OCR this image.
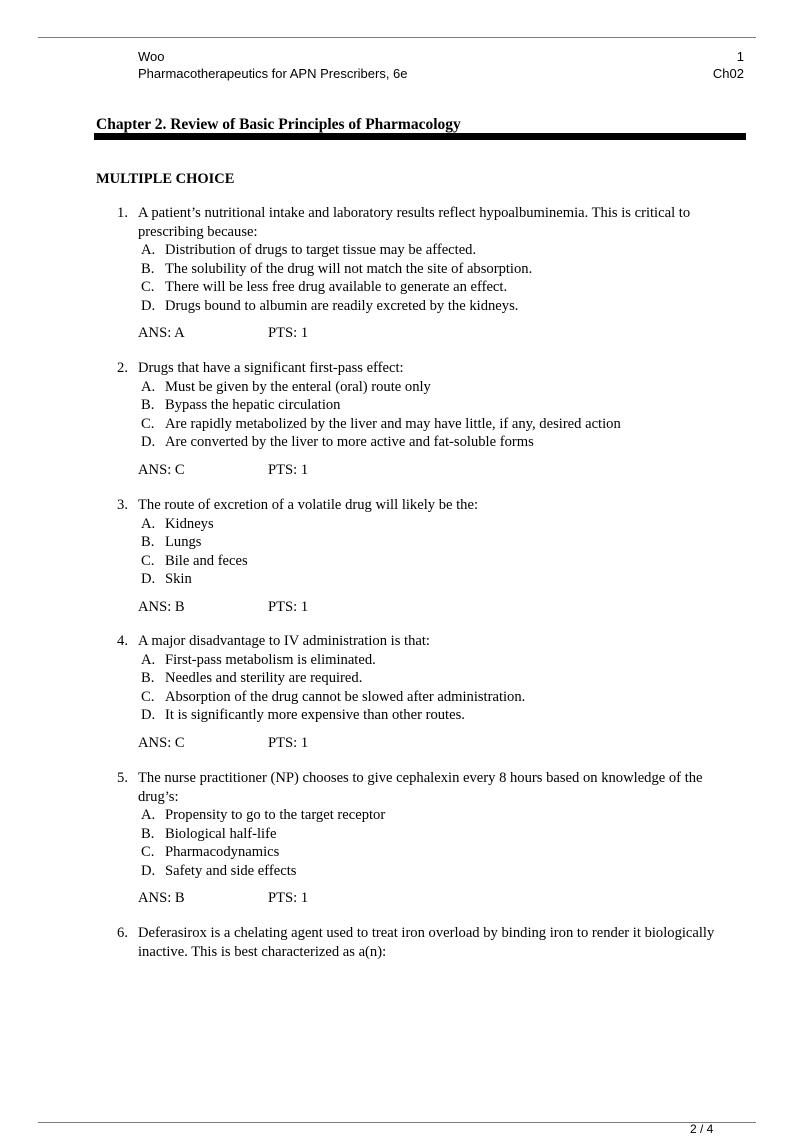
Woo
Pharmacotherapeutics for APN Prescribers, 6e
1
Ch02
Chapter 2. Review of Basic Principles of Pharmacology
MULTIPLE CHOICE
1. A patient’s nutritional intake and laboratory results reflect hypoalbuminemia. This is critical to prescribing because:
A. Distribution of drugs to target tissue may be affected.
B. The solubility of the drug will not match the site of absorption.
C. There will be less free drug available to generate an effect.
D. Drugs bound to albumin are readily excreted by the kidneys.
ANS: A	PTS: 1
2. Drugs that have a significant first-pass effect:
A. Must be given by the enteral (oral) route only
B. Bypass the hepatic circulation
C. Are rapidly metabolized by the liver and may have little, if any, desired action
D. Are converted by the liver to more active and fat-soluble forms
ANS: C	PTS: 1
3. The route of excretion of a volatile drug will likely be the:
A. Kidneys
B. Lungs
C. Bile and feces
D. Skin
ANS: B	PTS: 1
4. A major disadvantage to IV administration is that:
A. First-pass metabolism is eliminated.
B. Needles and sterility are required.
C. Absorption of the drug cannot be slowed after administration.
D. It is significantly more expensive than other routes.
ANS: C	PTS: 1
5. The nurse practitioner (NP) chooses to give cephalexin every 8 hours based on knowledge of the drug’s:
A. Propensity to go to the target receptor
B. Biological half-life
C. Pharmacodynamics
D. Safety and side effects
ANS: B	PTS: 1
6. Deferasirox is a chelating agent used to treat iron overload by binding iron to render it biologically inactive. This is best characterized as a(n):
2 / 4
